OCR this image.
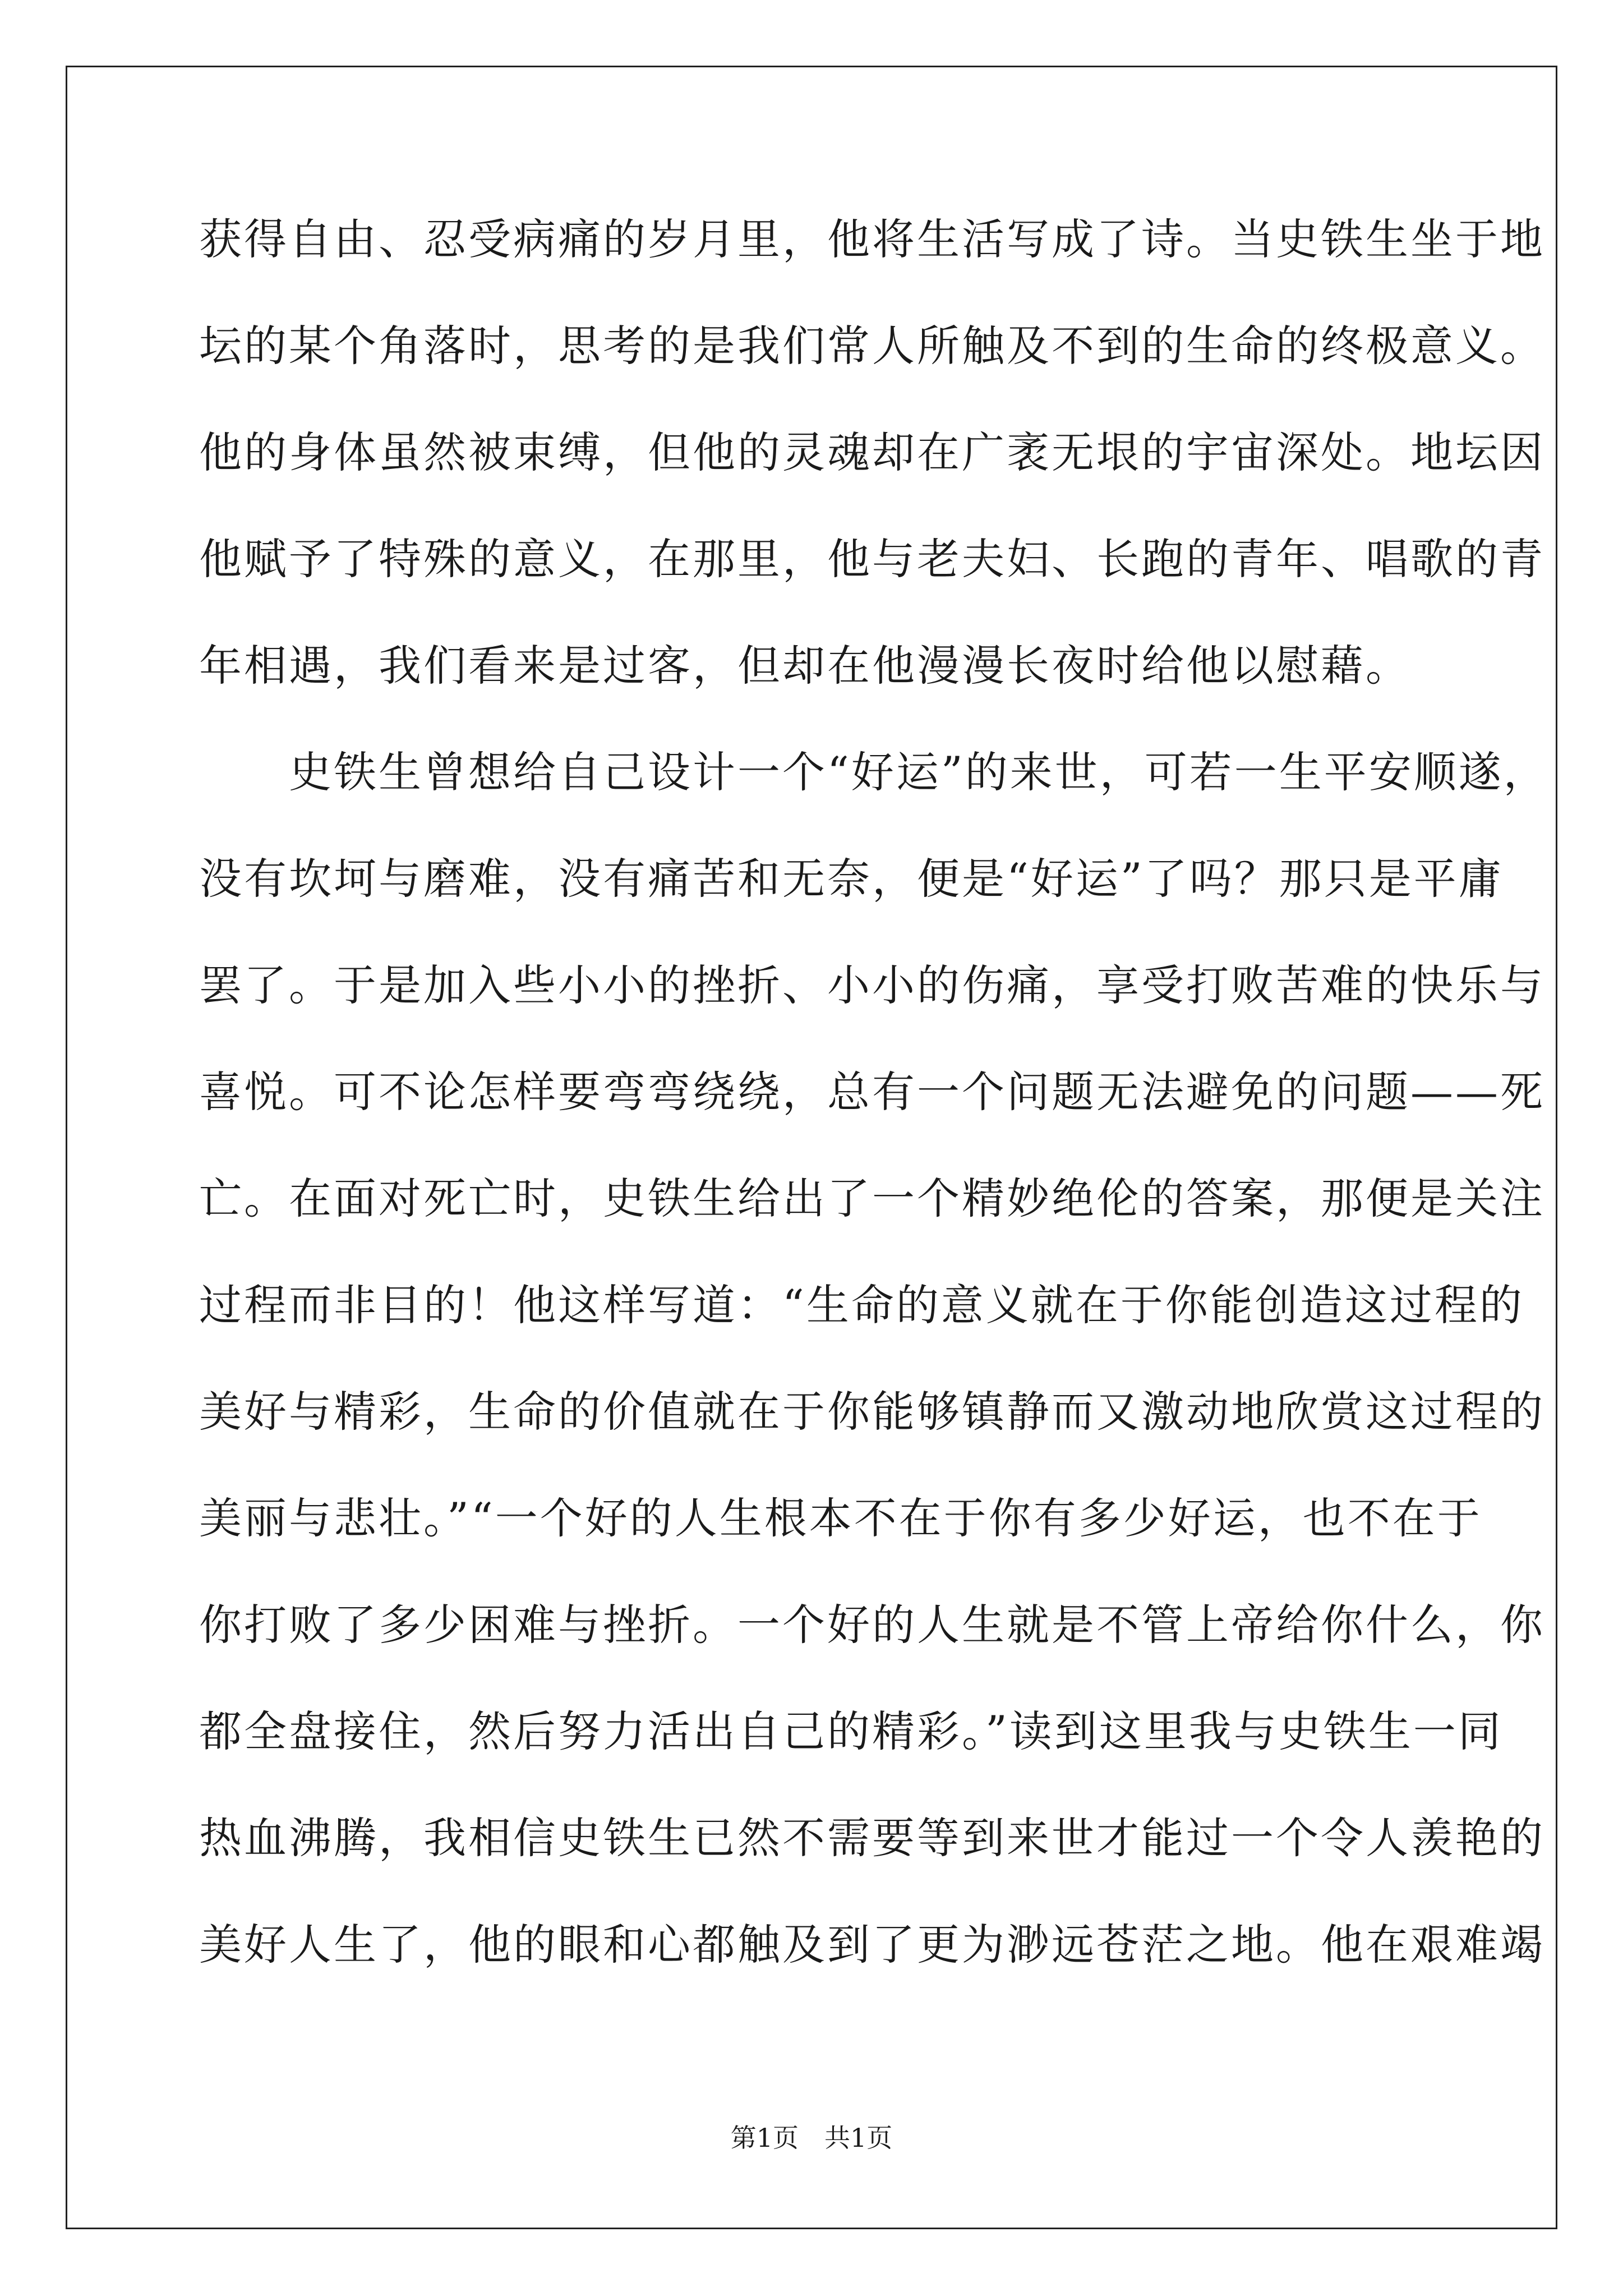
获得自由、忍受病痛的岁月里，他将生活写成了诗。当史铁生坐于地
坛的某个角落时，思考的是我们常人所触及不到的生命的终极意义。
他的身体虽然被束缚，但他的灵魂却在广袤无垠的宇宙深处。地坛因
他赋予了特殊的意义，在那里，他与老夫妇、长跑的青年、唱歌的青
年相遇，我们看来是过客，但却在他漫漫长夜时给他以慰藉。
　　史铁生曾想给自己设计一个“好运”的来世，可若一生平安顺遂，
没有坎坷与磨难，没有痛苦和无奈，便是“好运”了吗？那只是平庸
罢了。于是加入些小小的挫折、小小的伤痛，享受打败苦难的快乐与
喜悦。可不论怎样要弯弯绕绕，总有一个问题无法避免的问题——死
亡。在面对死亡时，史铁生给出了一个精妙绝伦的答案，那便是关注
过程而非目的！他这样写道：“生命的意义就在于你能创造这过程的
美好与精彩，生命的价值就在于你能够镇静而又激动地欣赏这过程的
美丽与悲壮。”“一个好的人生根本不在于你有多少好运，也不在于
你打败了多少困难与挫折。一个好的人生就是不管上帝给你什么，你
都全盘接住，然后努力活出自己的精彩。”读到这里我与史铁生一同
热血沸腾，我相信史铁生已然不需要等到来世才能过一个令人羡艳的
美好人生了，他的眼和心都触及到了更为渺远苍茫之地。他在艰难竭
第1页　共1页
